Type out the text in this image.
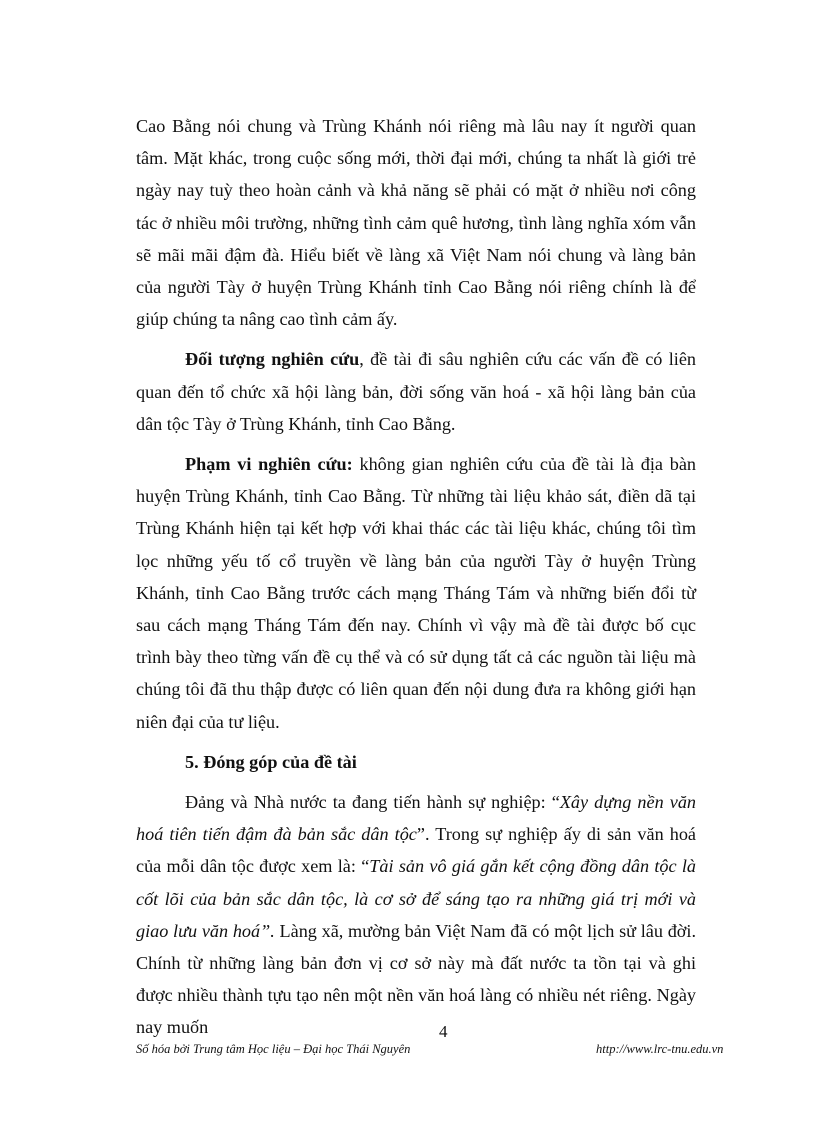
Cao Bằng nói chung và Trùng Khánh nói riêng mà lâu nay ít người quan tâm. Mặt khác, trong cuộc sống mới, thời đại mới, chúng ta nhất là giới trẻ ngày nay tuỳ theo hoàn cảnh và khả năng sẽ phải có mặt ở nhiều nơi công tác ở nhiều môi trường, những tình cảm quê hương, tình làng nghĩa xóm vẫn sẽ mãi mãi đậm đà. Hiểu biết về làng xã Việt Nam nói chung và làng bản của người Tày ở huyện Trùng Khánh tỉnh Cao Bằng nói riêng chính là để giúp chúng ta nâng cao tình cảm ấy.

Đối tượng nghiên cứu, đề tài đi sâu nghiên cứu các vấn đề có liên quan đến tổ chức xã hội làng bản, đời sống văn hoá - xã hội làng bản của dân tộc Tày ở Trùng Khánh, tỉnh Cao Bằng.

Phạm vi nghiên cứu: không gian nghiên cứu của đề tài là địa bàn huyện Trùng Khánh, tỉnh Cao Bằng. Từ những tài liệu khảo sát, điền dã tại Trùng Khánh hiện tại kết hợp với khai thác các tài liệu khác, chúng tôi tìm lọc những yếu tố cổ truyền về làng bản của người Tày ở huyện Trùng Khánh, tỉnh Cao Bằng trước cách mạng Tháng Tám và những biến đổi từ sau cách mạng Tháng Tám đến nay. Chính vì vậy mà đề tài được bố cục trình bày theo từng vấn đề cụ thể và có sử dụng tất cả các nguồn tài liệu mà chúng tôi đã thu thập được có liên quan đến nội dung đưa ra không giới hạn niên đại của tư liệu.

5. Đóng góp của đề tài

Đảng và Nhà nước ta đang tiến hành sự nghiệp: “Xây dựng nền văn hoá tiên tiến đậm đà bản sắc dân tộc”. Trong sự nghiệp ấy di sản văn hoá của mỗi dân tộc được xem là: “Tài sản vô giá gắn kết cộng đồng dân tộc là cốt lõi của bản sắc dân tộc, là cơ sở để sáng tạo ra những giá trị mới và giao lưu văn hoá”. Làng xã, mường bản Việt Nam đã có một lịch sử lâu đời. Chính từ những làng bản đơn vị cơ sở này mà đất nước ta tồn tại và ghi được nhiều thành tựu tạo nên một nền văn hoá làng có nhiều nét riêng. Ngày nay muốn	4
Số hóa bởi Trung tâm Học liệu – Đại học Thái Nguyên	http://www.lrc-tnu.edu.vn
